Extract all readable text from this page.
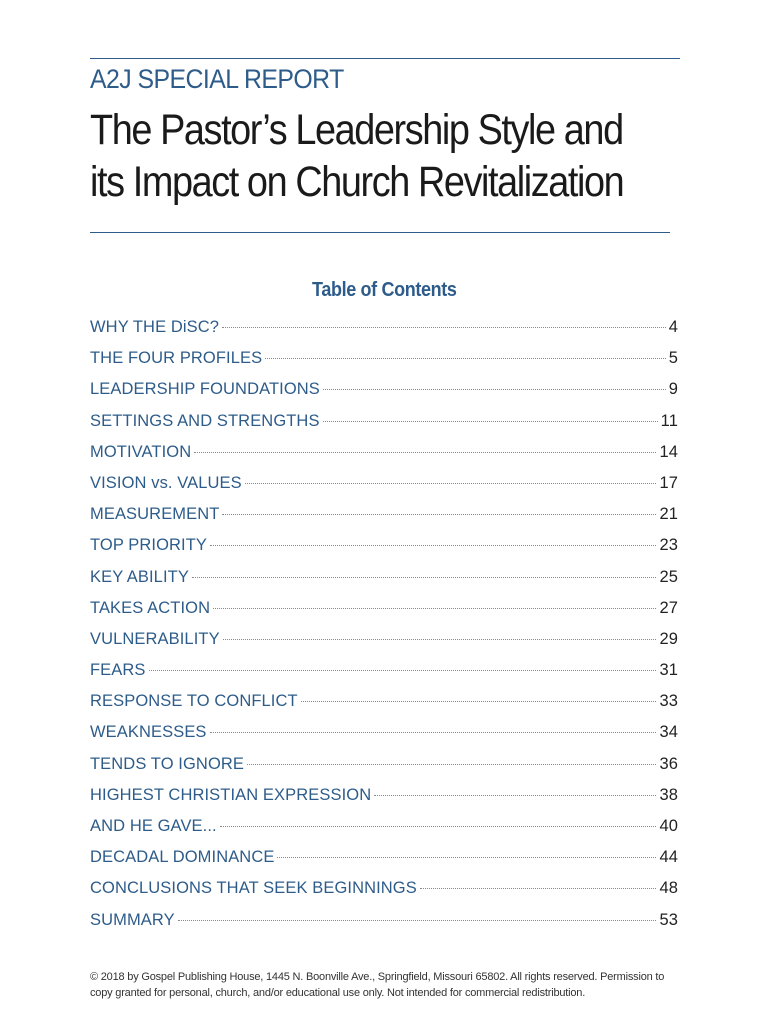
A2J SPECIAL REPORT
The Pastor’s Leadership Style and
its Impact on Church Revitalization
Table of Contents
WHY THE DiSC?	4
THE FOUR PROFILES	5
LEADERSHIP FOUNDATIONS	9
SETTINGS AND STRENGTHS	11
MOTIVATION	14
VISION vs. VALUES	17
MEASUREMENT	21
TOP PRIORITY	23
KEY ABILITY	25
TAKES ACTION	27
VULNERABILITY	29
FEARS	31
RESPONSE TO CONFLICT	33
WEAKNESSES	34
TENDS TO IGNORE	36
HIGHEST CHRISTIAN EXPRESSION	38
AND HE GAVE...	40
DECADAL DOMINANCE	44
CONCLUSIONS THAT SEEK BEGINNINGS	48
SUMMARY	53
© 2018 by Gospel Publishing House, 1445 N. Boonville Ave., Springfield, Missouri 65802. All rights reserved. Permission to
copy granted for personal, church, and/or educational use only. Not intended for commercial redistribution.
